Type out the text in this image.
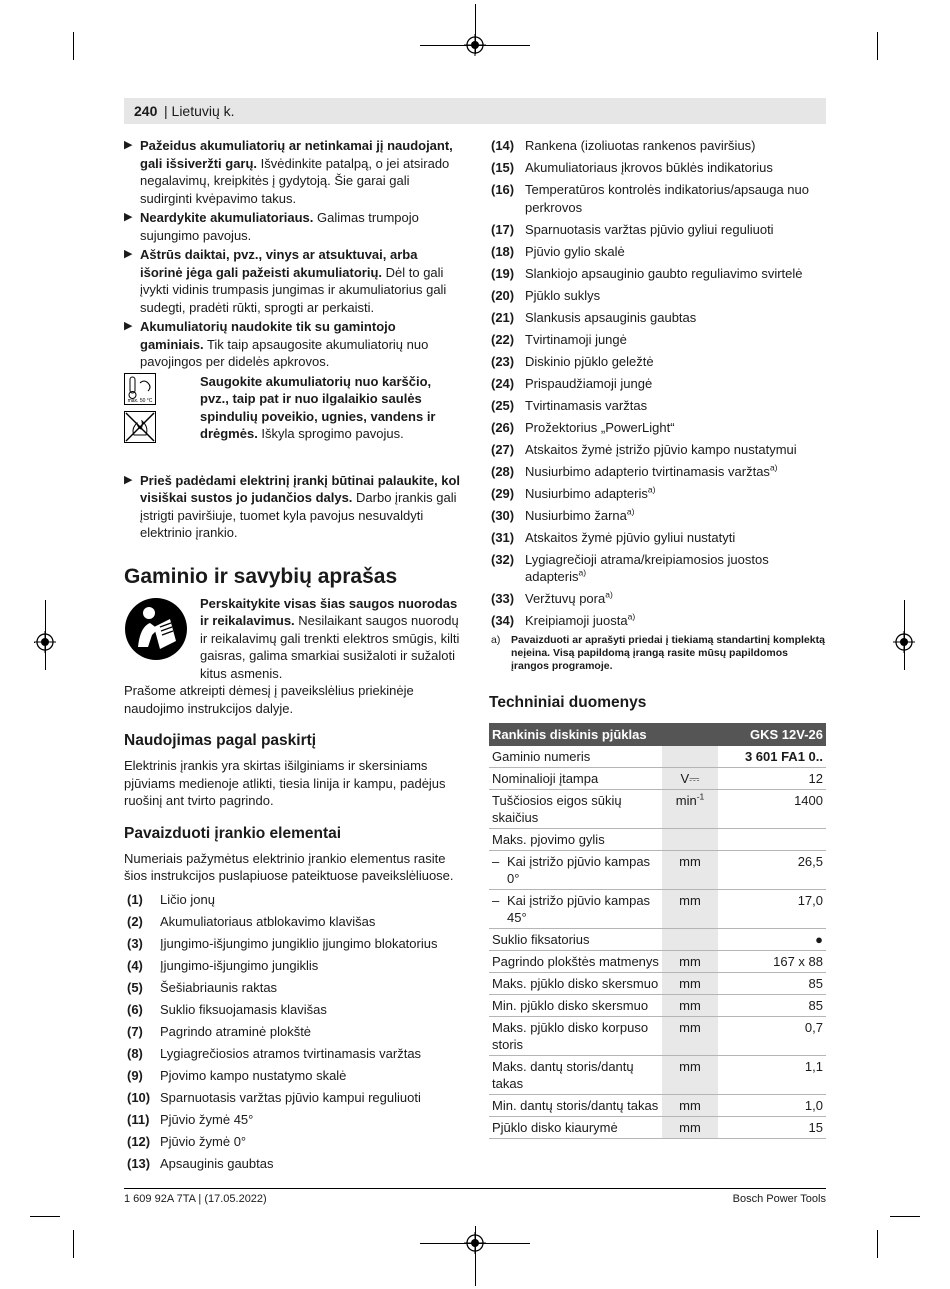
240 | Lietuvių k.
▶ Pažeidus akumuliatorių ar netinkamai jį naudojant, gali išsiveržti garų. Išvėdinkite patalpą, o jei atsirado negalavimų, kreipkitės į gydytoją. Šie garai gali sudirginti kvėpavimo takus.
▶ Neardykite akumuliatoriaus. Galimas trumpojo sujungimo pavojus.
▶ Aštrūs daiktai, pvz., vinys ar atsuktuvai, arba išorinė jėga gali pažeisti akumuliatorių. Dėl to gali įvykti vidinis trumpasis jungimas ir akumuliatorius gali sudegti, pradėti rūkti, sprogti ar perkaisti.
▶ Akumuliatorių naudokite tik su gamintojo gaminiais. Tik taip apsaugosite akumuliatorių nuo pavojingos per didelės apkrovos.
max. 50 °C
Saugokite akumuliatorių nuo karščio, pvz., taip pat ir nuo ilgalaikio saulės spindulių poveikio, ugnies, vandens ir drėgmės. Iškyla sprogimo pavojus.
▶ Prieš padėdami elektrinį įrankį būtinai palaukite, kol visiškai sustos jo judančios dalys. Darbo įrankis gali įstrigti paviršiuje, tuomet kyla pavojus nesuvaldyti elektrinio įrankio.
Gaminio ir savybių aprašas
Perskaitykite visas šias saugos nuorodas ir reikalavimus. Nesilaikant saugos nuorodų ir reikalavimų gali trenkti elektros smūgis, kilti gaisras, galima smarkiai susižaloti ir sužaloti kitus asmenis.

Prašome atkreipti dėmesį į paveikslėlius priekinėje naudojimo instrukcijos dalyje.

Naudojimas pagal paskirtį

Elektrinis įrankis yra skirtas išilginiams ir skersiniams pjūviams medienoje atlikti, tiesia linija ir kampu, padėjus ruošinį ant tvirto pagrindo.

Pavaizduoti įrankio elementai

Numeriais pažymėtus elektrinio įrankio elementus rasite šios instrukcijos puslapiuose pateiktuose paveikslėliuose.

(1) Ličio jonų
(2) Akumuliatoriaus atblokavimo klavišas
(3) Įjungimo-išjungimo jungiklio įjungimo blokatorius
(4) Įjungimo-išjungimo jungiklis
(5) Šešiabriaunis raktas
(6) Suklio fiksuojamasis klavišas
(7) Pagrindo atraminė plokštė
(8) Lygiagrečiosios atramos tvirtinamasis varžtas
(9) Pjovimo kampo nustatymo skalė
(10) Sparnuotasis varžtas pjūvio kampui reguliuoti
(11) Pjūvio žymė 45°
(12) Pjūvio žymė 0°
(13) Apsauginis gaubtas
(14) Rankena (izoliuotas rankenos paviršius)
(15) Akumuliatoriaus įkrovos būklės indikatorius
(16) Temperatūros kontrolės indikatorius/apsauga nuo perkrovos
(17) Sparnuotasis varžtas pjūvio gyliui reguliuoti
(18) Pjūvio gylio skalė
(19) Slankiojo apsauginio gaubto reguliavimo svirtelė
(20) Pjūklo suklys
(21) Slankusis apsauginis gaubtas
(22) Tvirtinamoji jungė
(23) Diskinio pjūklo geležtė
(24) Prispaudžiamoji jungė
(25) Tvirtinamasis varžtas
(26) Prožektorius „PowerLight“
(27) Atskaitos žymė įstrižo pjūvio kampo nustatymui
(28) Nusiurbimo adapterio tvirtinamasis varžtas$^{a)}$
(29) Nusiurbimo adapteris$^{a)}$
(30) Nusiurbimo žarna$^{a)}$
(31) Atskaitos žymė pjūvio gyliui nustatyti
(32) Lygiagrečioji atrama/kreipiamosios juostos adapteris$^{a)}$
(33) Veržtuvų pora$^{a)}$
(34) Kreipiamoji juosta$^{a)}$
a) Pavaizduoti ar aprašyti priedai į tiekiamą standartinį komplektą neįeina. Visą papildomą įrangą rasite mūsų papildomos įrangos programoje.
Techniniai duomenys
Rankinis diskinis pjūklas		GKS 12V-26
Gaminio numeris		3 601 FA1 0..
Nominalioji įtampa	V⎓	12
Tuščiosios eigos sūkių skaičius	$\min^{-1}$	1400
Maks. pjovimo gylis		

– Kai įstrižo pjūvio kampas 0°	mm	26,5

– Kai įstrižo pjūvio kampas 45°	mm	17,0
Suklio fiksatorius		●
Pagrindo plokštės matmenys	mm	167 x 88
Maks. pjūklo disko skersmuo	mm	85
Min. pjūklo disko skersmuo	mm	85
Maks. pjūklo disko korpuso storis	mm	0,7
Maks. dantų storis/dantų takas	mm	1,1
Min. dantų storis/dantų takas	mm	1,0
Pjūklo disko kiaurymė	mm	15
1 609 92A 7TA | (17.05.2022)	Bosch Power Tools
